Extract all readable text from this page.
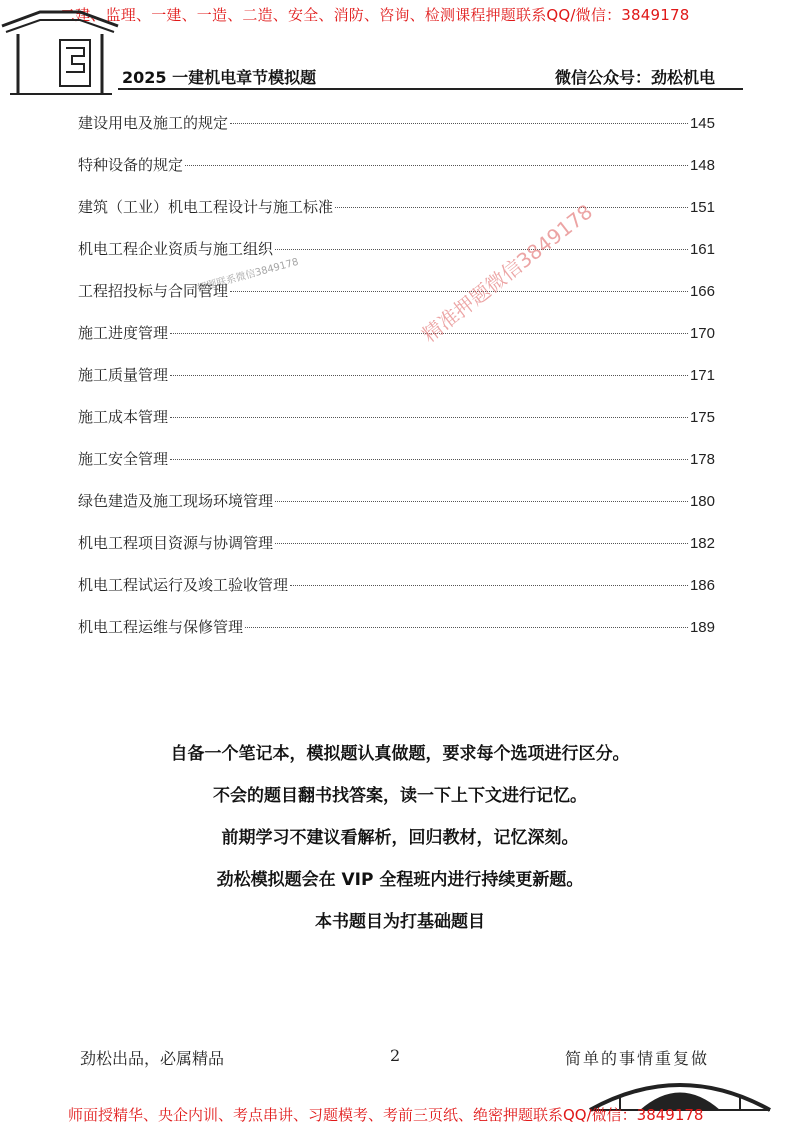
二建、监理、一建、一造、二造、安全、消防、咨询、检测课程押题联系QQ/微信：3849178
2025 一建机电章节模拟题	微信公众号：劲松机电
建设用电及施工的规定	145
特种设备的规定	148
建筑（工业）机电工程设计与施工标准	151
机电工程企业资质与施工组织	161
工程招投标与合同管理	166
施工进度管理	170
施工质量管理	171
施工成本管理	175
施工安全管理	178
绿色建造及施工现场环境管理	180
机电工程项目资源与协调管理	182
机电工程试运行及竣工验收管理	186
机电工程运维与保修管理	189
押题联系微信3849178	精准押题微信3849178
自备一个笔记本，模拟题认真做题，要求每个选项进行区分。
不会的题目翻书找答案，读一下上下文进行记忆。
前期学习不建议看解析，回归教材，记忆深刻。
劲松模拟题会在 VIP 全程班内进行持续更新题。
本书题目为打基础题目
劲松出品，必属精品	2	简单的事情重复做
师面授精华、央企内训、考点串讲、习题模考、考前三页纸、绝密押题联系QQ/微信：3849178
